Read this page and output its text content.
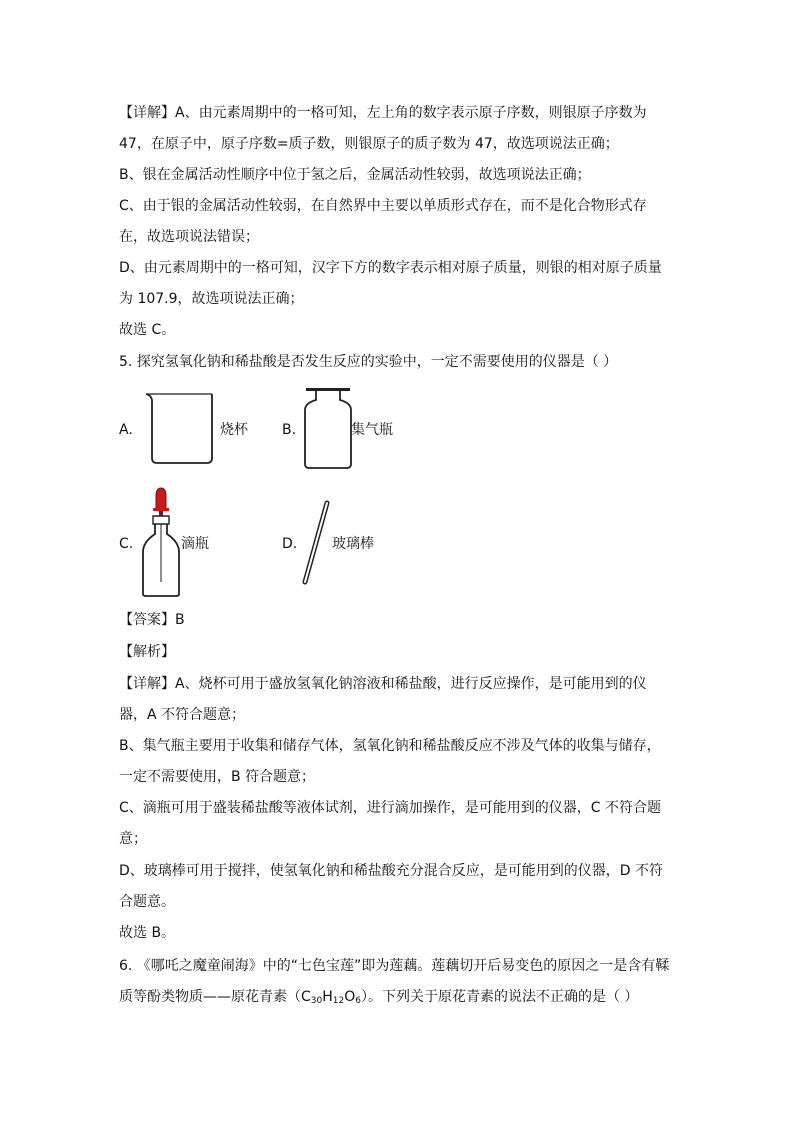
【详解】A、由元素周期中的一格可知，左上角的数字表示原子序数，则银原子序数为
47，在原子中，原子序数=质子数，则银原子的质子数为 47，故选项说法正确；
B、银在金属活动性顺序中位于氢之后，金属活动性较弱，故选项说法正确；
C、由于银的金属活动性较弱，在自然界中主要以单质形式存在，而不是化合物形式存
在，故选项说法错误；
D、由元素周期中的一格可知，汉字下方的数字表示相对原子质量，则银的相对原子质量
为 107.9，故选项说法正确；
故选 C。
5. 探究氢氧化钠和稀盐酸是否发生反应的实验中，一定不需要使用的仪器是（ ）
A.	烧杯 B.	集气瓶
C.	滴瓶	D. 玻璃棒
【答案】B
【解析】
【详解】A、烧杯可用于盛放氢氧化钠溶液和稀盐酸，进行反应操作，是可能用到的仪
器，A 不符合题意；
B、集气瓶主要用于收集和储存气体，氢氧化钠和稀盐酸反应不涉及气体的收集与储存，
一定不需要使用，B 符合题意；
C、滴瓶可用于盛装稀盐酸等液体试剂，进行滴加操作，是可能用到的仪器，C 不符合题
意；
D、玻璃棒可用于搅拌，使氢氧化钠和稀盐酸充分混合反应，是可能用到的仪器，D 不符
合题意。
故选 B。
6. 《哪吒之魔童闹海》中的“七色宝莲”即为莲藕。莲藕切开后易变色的原因之一是含有鞣
质等酚类物质——原花青素$(C_{30}H_{12}O_6)$。下列关于原花青素的说法不正确的是（ ）
